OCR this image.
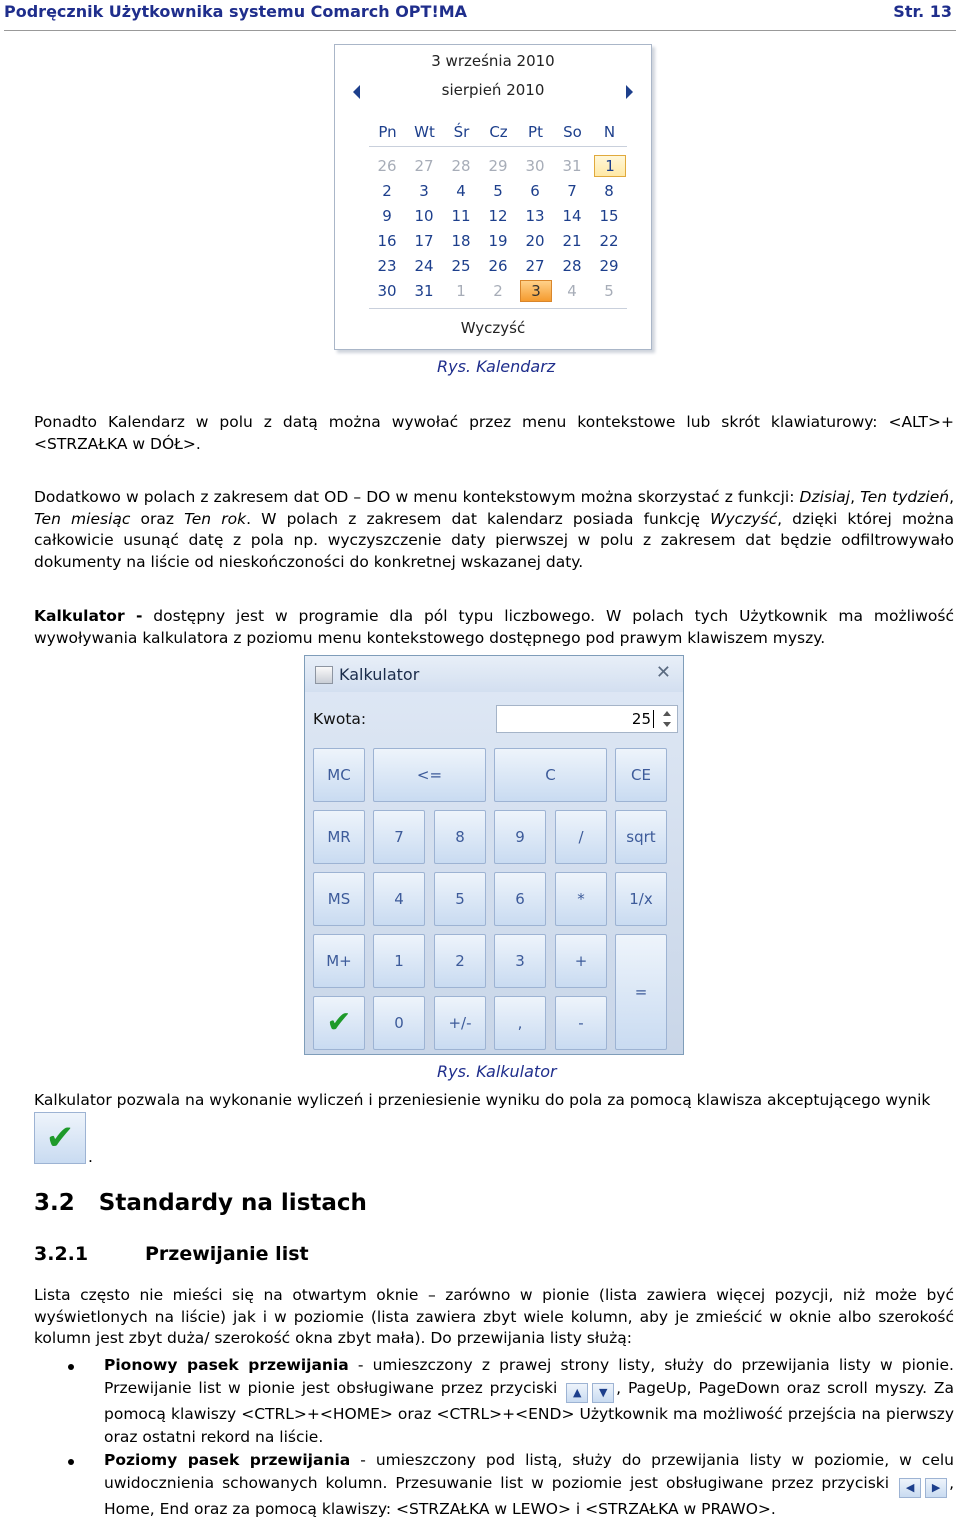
Podręcznik Użytkownika systemu Comarch OPT!MA	Str. 13
3 września 2010
sierpień 2010
Wyczyść
Pn	Wt	Śr	Cz	Pt	So	N
26	27	28	29	30	31	1
2	3	4	5	6	7	8
9	10	11	12	13	14	15
16	17	18	19	20	21	22
23	24	25	26	27	28	29
30	31	1	2	3	4	5
Rys. Kalendarz
Ponadto Kalendarz w polu z datą można wywołać przez menu kontekstowe lub skrót klawiaturowy: <ALT>+<STRZAŁKA w DÓŁ>.
Dodatkowo w polach z zakresem dat OD – DO w menu kontekstowym można skorzystać z funkcji: Dzisiaj, Ten tydzień, Ten miesiąc oraz Ten rok. W polach z zakresem dat kalendarz posiada funkcję Wyczyść, dzięki której można całkowicie usunąć datę z pola np. wyczyszczenie daty pierwszej w polu z zakresem dat będzie odfiltrowywało dokumenty na liście od nieskończoności do konkretnej wskazanej daty.
Kalkulator - dostępny jest w programie dla pól typu liczbowego. W polach tych Użytkownik ma możliwość wywoływania kalkulatora z poziomu menu kontekstowego dostępnego pod prawym klawiszem myszy.
Kalkulator	✕
Kwota:	25
MC	<=	C	CE
MR	7	8	9	/	sqrt
MS	4	5	6	*	1/x
M+	1	2	3	+
=
✔	0	+/-	,	-
Rys. Kalkulator
Kalkulator pozwala na wykonanie wyliczeń i przeniesienie wyniku do pola za pomocą klawisza akceptującego wynik
✔ .
3.2 Standardy na listach
3.2.1	Przewijanie list
Lista często nie mieści się na otwartym oknie – zarówno w pionie (lista zawiera więcej pozycji, niż może być wyświetlonych na liście) jak i w poziomie (lista zawiera zbyt wiele kolumn, aby je zmieścić w oknie albo szerokość kolumn jest zbyt duża/ szerokość okna zbyt mała). Do przewijania listy służą:
Pionowy pasek przewijania - umieszczony z prawej strony listy, służy do przewijania listy w pionie. Przewijanie list w pionie jest obsługiwane przez przyciski ▲ ▼ , PageUp, PageDown oraz scroll myszy. Za pomocą klawiszy <CTRL>+<HOME> oraz <CTRL>+<END> Użytkownik ma możliwość przejścia na pierwszy oraz ostatni rekord na liście.
Poziomy pasek przewijania - umieszczony pod listą, służy do przewijania listy w poziomie, w celu uwidocznienia schowanych kolumn. Przesuwanie list w poziomie jest obsługiwane przez przyciski ◀ ▶ , Home, End oraz za pomocą klawiszy: <STRZAŁKA w LEWO> i <STRZAŁKA w PRAWO>.
